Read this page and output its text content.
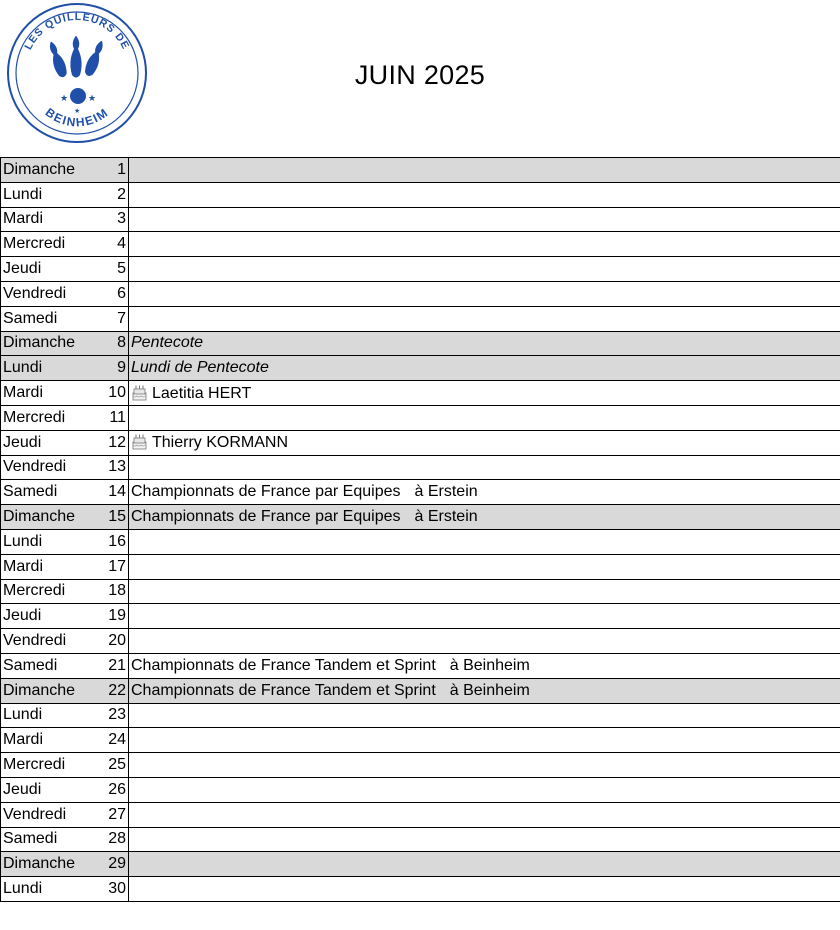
LES QUILLEURS DE
BEINHEIM
★ ★
★
JUIN 2025
Dimanche	1	
Lundi	2	
Mardi	3	
Mercredi	4	
Jeudi	5	
Vendredi	6	
Samedi	7	
Dimanche	8	Pentecote
Lundi	9	Lundi de Pentecote
Mardi	10	Laetitia HERT
Mercredi	11	
Jeudi	12	Thierry KORMANN
Vendredi	13	
Samedi	14	Championnats de France par Equipes à Erstein
Dimanche	15	Championnats de France par Equipes à Erstein
Lundi	16	
Mardi	17	
Mercredi	18	
Jeudi	19	
Vendredi	20	
Samedi	21	Championnats de France Tandem et Sprint à Beinheim
Dimanche	22	Championnats de France Tandem et Sprint à Beinheim
Lundi	23	
Mardi	24	
Mercredi	25	
Jeudi	26	
Vendredi	27	
Samedi	28	
Dimanche	29	
Lundi	30	
